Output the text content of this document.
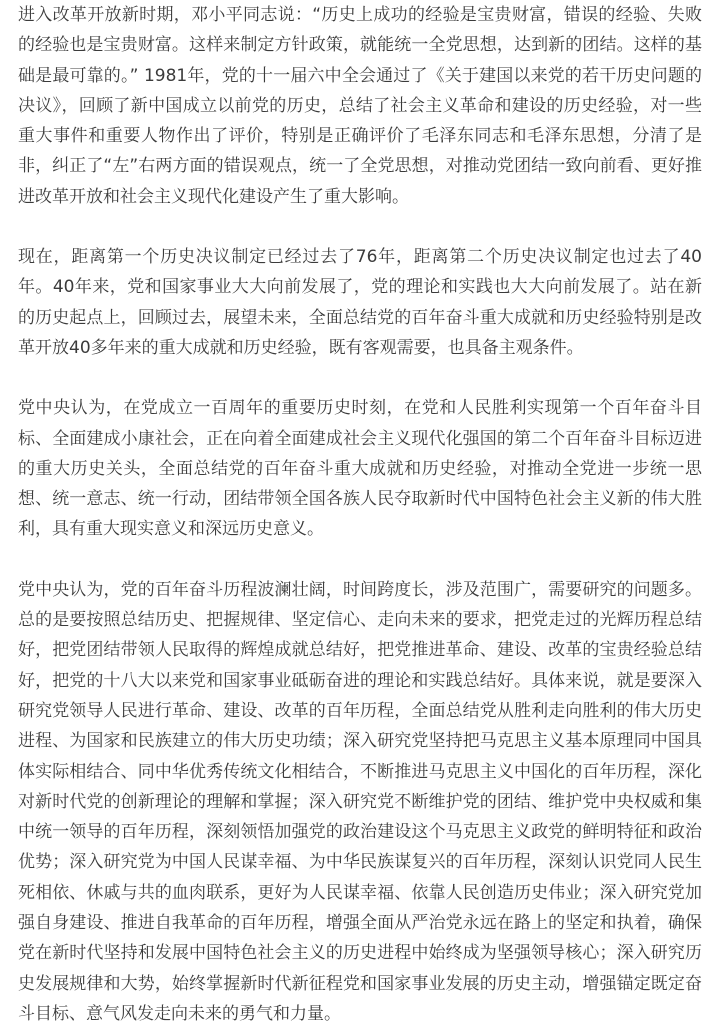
进入改革开放新时期，邓小平同志说：“历史上成功的经验是宝贵财富，错误的经验、失败的经验也是宝贵财富。这样来制定方针政策，就能统一全党思想，达到新的团结。这样的基础是最可靠的。” 1981年，党的十一届六中全会通过了《关于建国以来党的若干历史问题的决议》，回顾了新中国成立以前党的历史，总结了社会主义革命和建设的历史经验，对一些重大事件和重要人物作出了评价，特别是正确评价了毛泽东同志和毛泽东思想，分清了是非，纠正了“左”右两方面的错误观点，统一了全党思想，对推动党团结一致向前看、更好推进改革开放和社会主义现代化建设产生了重大影响。

现在，距离第一个历史决议制定已经过去了76年，距离第二个历史决议制定也过去了40年。40年来，党和国家事业大大向前发展了，党的理论和实践也大大向前发展了。站在新的历史起点上，回顾过去，展望未来，全面总结党的百年奋斗重大成就和历史经验特别是改革开放40多年来的重大成就和历史经验，既有客观需要，也具备主观条件。

党中央认为，在党成立一百周年的重要历史时刻，在党和人民胜利实现第一个百年奋斗目标、全面建成小康社会，正在向着全面建成社会主义现代化强国的第二个百年奋斗目标迈进的重大历史关头，全面总结党的百年奋斗重大成就和历史经验，对推动全党进一步统一思想、统一意志、统一行动，团结带领全国各族人民夺取新时代中国特色社会主义新的伟大胜利，具有重大现实意义和深远历史意义。

党中央认为，党的百年奋斗历程波澜壮阔，时间跨度长，涉及范围广，需要研究的问题多。总的是要按照总结历史、把握规律、坚定信心、走向未来的要求，把党走过的光辉历程总结好，把党团结带领人民取得的辉煌成就总结好，把党推进革命、建设、改革的宝贵经验总结好，把党的十八大以来党和国家事业砥砺奋进的理论和实践总结好。具体来说，就是要深入研究党领导人民进行革命、建设、改革的百年历程，全面总结党从胜利走向胜利的伟大历史进程、为国家和民族建立的伟大历史功绩；深入研究党坚持把马克思主义基本原理同中国具体实际相结合、同中华优秀传统文化相结合，不断推进马克思主义中国化的百年历程，深化对新时代党的创新理论的理解和掌握；深入研究党不断维护党的团结、维护党中央权威和集中统一领导的百年历程，深刻领悟加强党的政治建设这个马克思主义政党的鲜明特征和政治优势；深入研究党为中国人民谋幸福、为中华民族谋复兴的百年历程，深刻认识党同人民生死相依、休戚与共的血肉联系，更好为人民谋幸福、依靠人民创造历史伟业；深入研究党加强自身建设、推进自我革命的百年历程，增强全面从严治党永远在路上的坚定和执着，确保党在新时代坚持和发展中国特色社会主义的历史进程中始终成为坚强领导核心；深入研究历史发展规律和大势，始终掌握新时代新征程党和国家事业发展的历史主动，增强锚定既定奋斗目标、意气风发走向未来的勇气和力量。
